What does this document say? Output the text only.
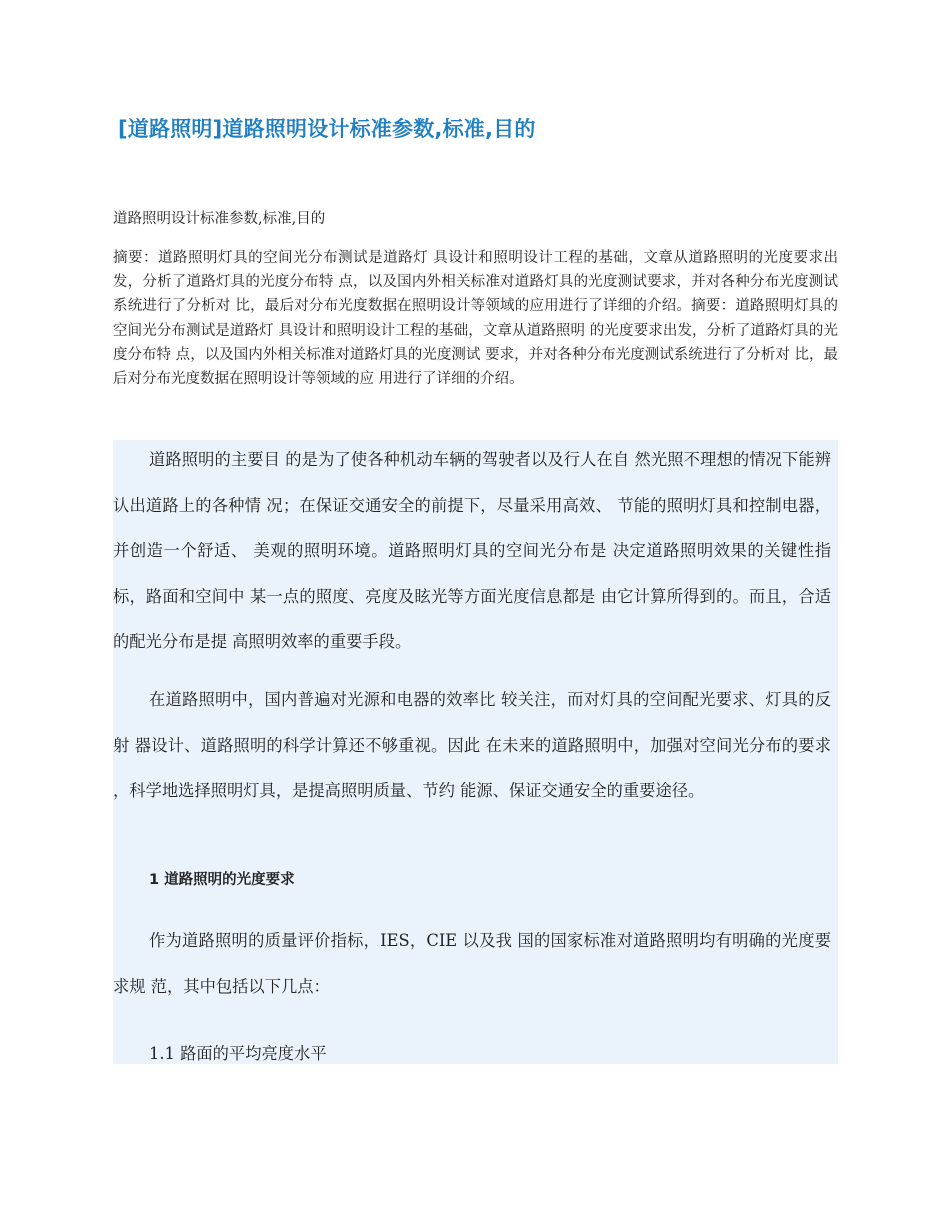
[道路照明]道路照明设计标准参数,标准,目的
道路照明设计标准参数,标准,目的

摘要：道路照明灯具的空间光分布测试是道路灯 具设计和照明设计工程的基础，文章从道路照明的光度要求出发，分析了道路灯具的光度分布特 点，以及国内外相关标准对道路灯具的光度测试要求，并对各种分布光度测试系统进行了分析对 比，最后对分布光度数据在照明设计等领域的应用进行了详细的介绍。摘要：道路照明灯具的空间光分布测试是道路灯 具设计和照明设计工程的基础，文章从道路照明 的光度要求出发，分析了道路灯具的光度分布特 点，以及国内外相关标准对道路灯具的光度测试 要求，并对各种分布光度测试系统进行了分析对 比，最后对分布光度数据在照明设计等领域的应 用进行了详细的介绍。

道路照明的主要目 的是为了使各种机动车辆的驾驶者以及行人在自 然光照不理想的情况下能辨认出道路上的各种情 况；在保证交通安全的前提下，尽量采用高效、 节能的照明灯具和控制电器，并创造一个舒适、 美观的照明环境。道路照明灯具的空间光分布是 决定道路照明效果的关键性指标，路面和空间中 某一点的照度、亮度及眩光等方面光度信息都是 由它计算所得到的。而且，合适的配光分布是提 高照明效率的重要手段。

在道路照明中，国内普遍对光源和电器的效率比 较关注，而对灯具的空间配光要求、灯具的反射 器设计、道路照明的科学计算还不够重视。因此 在未来的道路照明中，加强对空间光分布的要求 ，科学地选择照明灯具，是提高照明质量、节约 能源、保证交通安全的重要途径。

1 道路照明的光度要求

作为道路照明的质量评价指标，IES，CIE 以及我 国的国家标准对道路照明均有明确的光度要求规 范，其中包括以下几点：

1.1 路面的平均亮度水平
